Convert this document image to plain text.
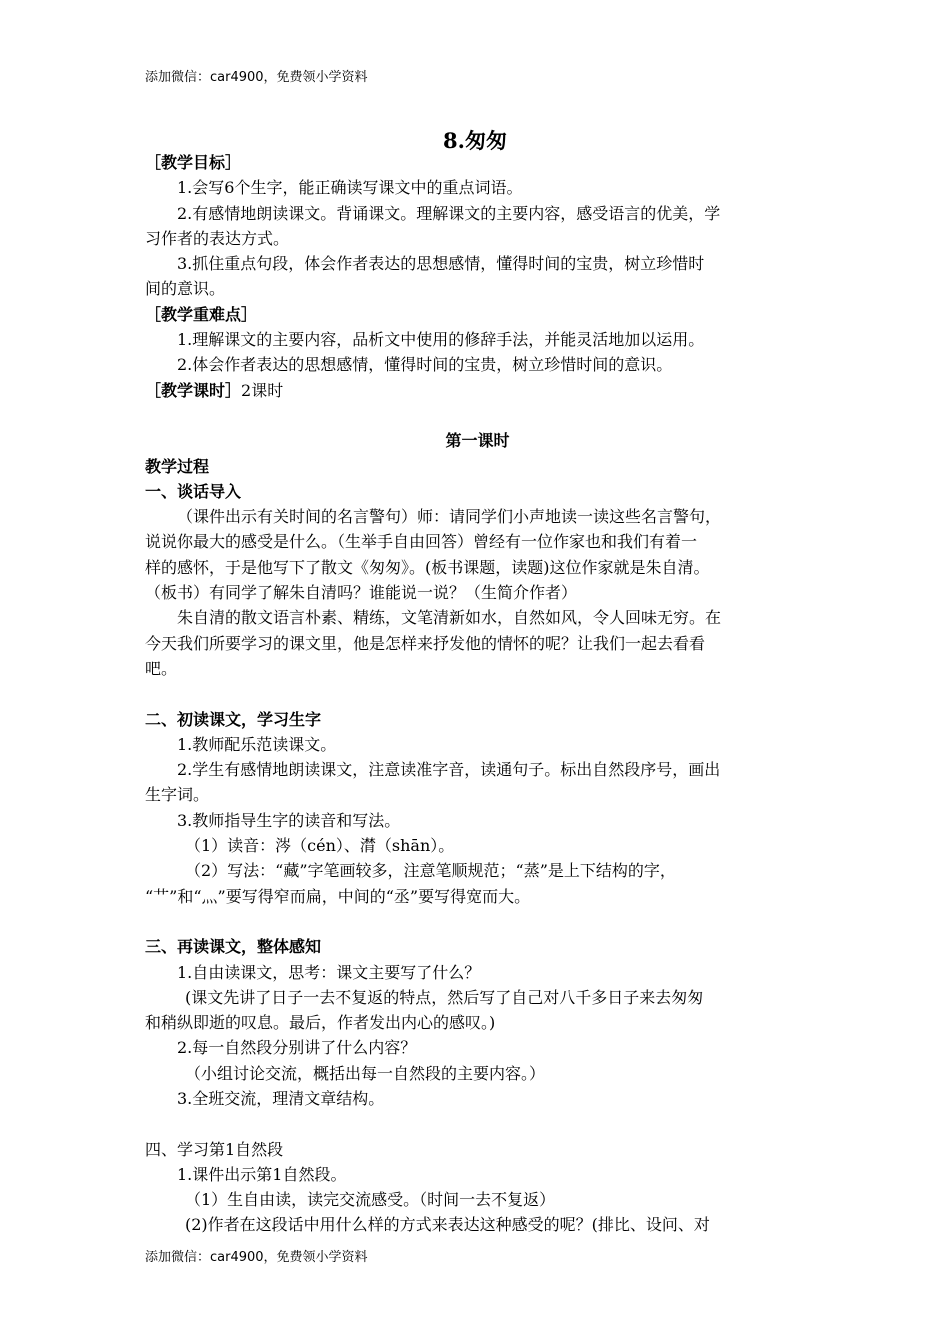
添加微信：car4900，免费领小学资料
8.匆匆

［教学目标］

1.会写6个生字，能正确读写课文中的重点词语。

2.有感情地朗读课文。背诵课文。理解课文的主要内容，感受语言的优美，学

习作者的表达方式。

3.抓住重点句段，体会作者表达的思想感情，懂得时间的宝贵，树立珍惜时

间的意识。

［教学重难点］

1.理解课文的主要内容，品析文中使用的修辞手法，并能灵活地加以运用。

2.体会作者表达的思想感情，懂得时间的宝贵，树立珍惜时间的意识。

［教学课时］2课时

第一课时

教学过程

一、谈话导入

（课件出示有关时间的名言警句）师：请同学们小声地读一读这些名言警句，

说说你最大的感受是什么。（生举手自由回答）曾经有一位作家也和我们有着一

样的感怀，于是他写下了散文《匆匆》。(板书课题，读题)这位作家就是朱自清。

（板书）有同学了解朱自清吗？谁能说一说？（生简介作者）

朱自清的散文语言朴素、精练，文笔清新如水，自然如风，令人回味无穷。在

今天我们所要学习的课文里，他是怎样来抒发他的情怀的呢？让我们一起去看看

吧。

二、初读课文，学习生字

1.教师配乐范读课文。

2.学生有感情地朗读课文，注意读准字音，读通句子。标出自然段序号，画出

生字词。

3.教师指导生字的读音和写法。

（1）读音：涔（cén）、潸（shān）。

（2）写法：“藏”字笔画较多，注意笔顺规范；“蒸”是上下结构的字，

“艹”和“灬”要写得窄而扁，中间的“丞”要写得宽而大。

三、再读课文，整体感知

1.自由读课文，思考：课文主要写了什么？

(课文先讲了日子一去不复返的特点，然后写了自己对八千多日子来去匆匆

和稍纵即逝的叹息。最后，作者发出内心的感叹。)

2.每一自然段分别讲了什么内容？

（小组讨论交流，概括出每一自然段的主要内容。）

3.全班交流，理清文章结构。

四、学习第1自然段

1.课件出示第1自然段。

（1）生自由读，读完交流感受。（时间一去不复返）

(2)作者在这段话中用什么样的方式来表达这种感受的呢？(排比、设问、对

添加微信：car4900，免费领小学资料
